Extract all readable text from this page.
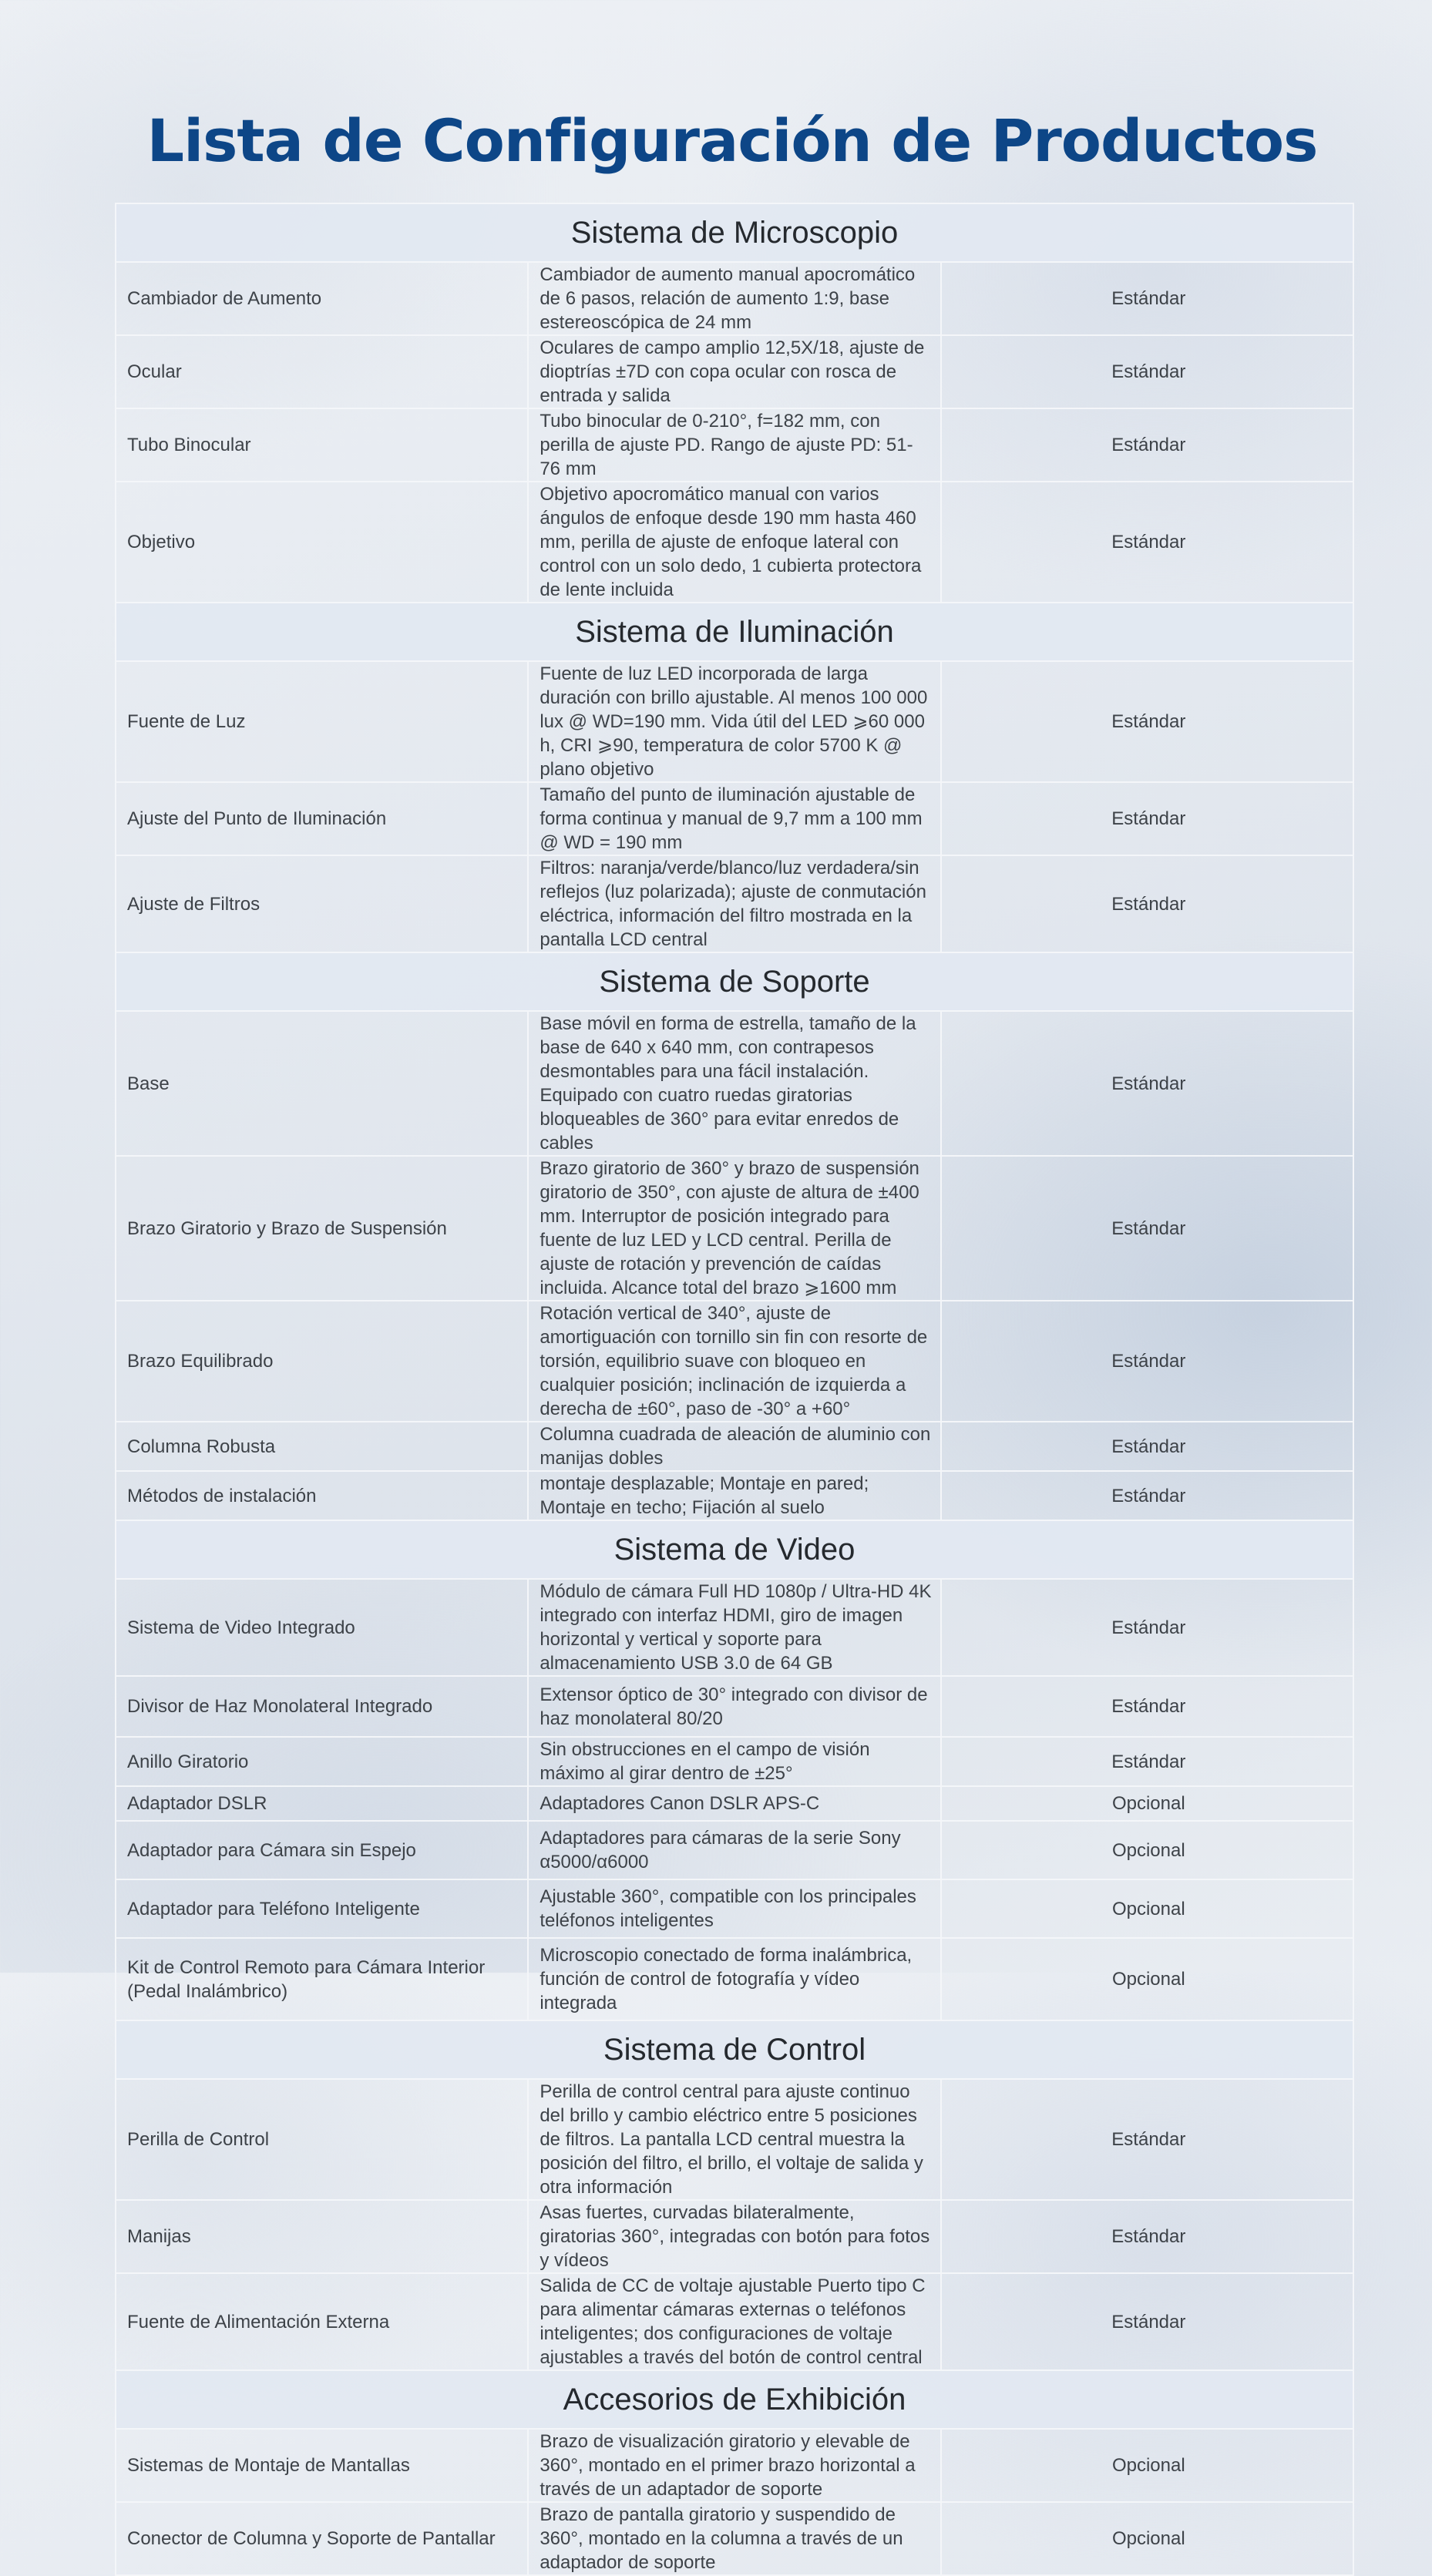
Lista de Configuración de Productos
Sistema de Microscopio		
Cambiador de Aumento	Cambiador de aumento manual apocromático de 6 pasos, relación de aumento 1:9, base estereoscópica de 24 mm	Estándar
Ocular	Oculares de campo amplio 12,5X/18, ajuste de dioptrías ±7D con copa ocular con rosca de entrada y salida	Estándar
Tubo Binocular	Tubo binocular de 0-210°, f=182 mm, con perilla de ajuste PD. Rango de ajuste PD: 51-76 mm	Estándar
Objetivo	Objetivo apocromático manual con varios ángulos de enfoque desde 190 mm hasta 460 mm, perilla de ajuste de enfoque lateral con control con un solo dedo, 1 cubierta protectora de lente incluida	Estándar
Sistema de Iluminación		
Fuente de Luz	Fuente de luz LED incorporada de larga duración con brillo ajustable. Al menos 100 000 lux @ WD=190 mm. Vida útil del LED ⩾60 000 h, CRI ⩾90, temperatura de color 5700 K @ plano objetivo	Estándar
Ajuste del Punto de Iluminación	Tamaño del punto de iluminación ajustable de forma continua y manual de 9,7 mm a 100 mm @ WD = 190 mm	Estándar
Ajuste de Filtros	Filtros: naranja/verde/blanco/luz verdadera/sin reflejos (luz polarizada); ajuste de conmutación eléctrica, información del filtro mostrada en la pantalla LCD central	Estándar
Sistema de Soporte		
Base	Base móvil en forma de estrella, tamaño de la base de 640 x 640 mm, con contrapesos desmontables para una fácil instalación. Equipado con cuatro ruedas giratorias bloqueables de 360° para evitar enredos de cables	Estándar
Brazo Giratorio y Brazo de Suspensión	Brazo giratorio de 360° y brazo de suspensión giratorio de 350°, con ajuste de altura de ±400 mm. Interruptor de posición integrado para fuente de luz LED y LCD central. Perilla de ajuste de rotación y prevención de caídas incluida. Alcance total del brazo ⩾1600 mm	Estándar
Brazo Equilibrado	Rotación vertical de 340°, ajuste de amortiguación con tornillo sin fin con resorte de torsión, equilibrio suave con bloqueo en cualquier posición; inclinación de izquierda a derecha de ±60°, paso de -30° a +60°	Estándar
Columna Robusta	Columna cuadrada de aleación de aluminio con manijas dobles	Estándar
Métodos de instalación	montaje desplazable; Montaje en pared; Montaje en techo; Fijación al suelo	Estándar
Sistema de Video		
Sistema de Video Integrado	Módulo de cámara Full HD 1080p / Ultra-HD 4K integrado con interfaz HDMI, giro de imagen horizontal y vertical y soporte para almacenamiento USB 3.0 de 64 GB	Estándar
Divisor de Haz Monolateral Integrado	Extensor óptico de 30° integrado con divisor de haz monolateral 80/20	Estándar
Anillo Giratorio	Sin obstrucciones en el campo de visión máximo al girar dentro de ±25°	Estándar
Adaptador DSLR	Adaptadores Canon DSLR APS-C	Opcional
Adaptador para Cámara sin Espejo	Adaptadores para cámaras de la serie Sony α5000/α6000	Opcional
Adaptador para Teléfono Inteligente	Ajustable 360°, compatible con los principales teléfonos inteligentes	Opcional
Kit de Control Remoto para Cámara Interior (Pedal Inalámbrico)	Microscopio conectado de forma inalámbrica, función de control de fotografía y vídeo integrada	Opcional
Sistema de Control		
Perilla de Control	Perilla de control central para ajuste continuo del brillo y cambio eléctrico entre 5 posiciones de filtros. La pantalla LCD central muestra la posición del filtro, el brillo, el voltaje de salida y otra información	Estándar
Manijas	Asas fuertes, curvadas bilateralmente, giratorias 360°, integradas con botón para fotos y vídeos	Estándar
Fuente de Alimentación Externa	Salida de CC de voltaje ajustable Puerto tipo C para alimentar cámaras externas o teléfonos inteligentes; dos configuraciones de voltaje ajustables a través del botón de control central	Estándar
Accesorios de Exhibición		
Sistemas de Montaje de Mantallas	Brazo de visualización giratorio y elevable de 360°, montado en el primer brazo horizontal a través de un adaptador de soporte	Opcional
Conector de Columna y Soporte de Pantallar	Brazo de pantalla giratorio y suspendido de 360°, montado en la columna a través de un adaptador de soporte	Opcional
